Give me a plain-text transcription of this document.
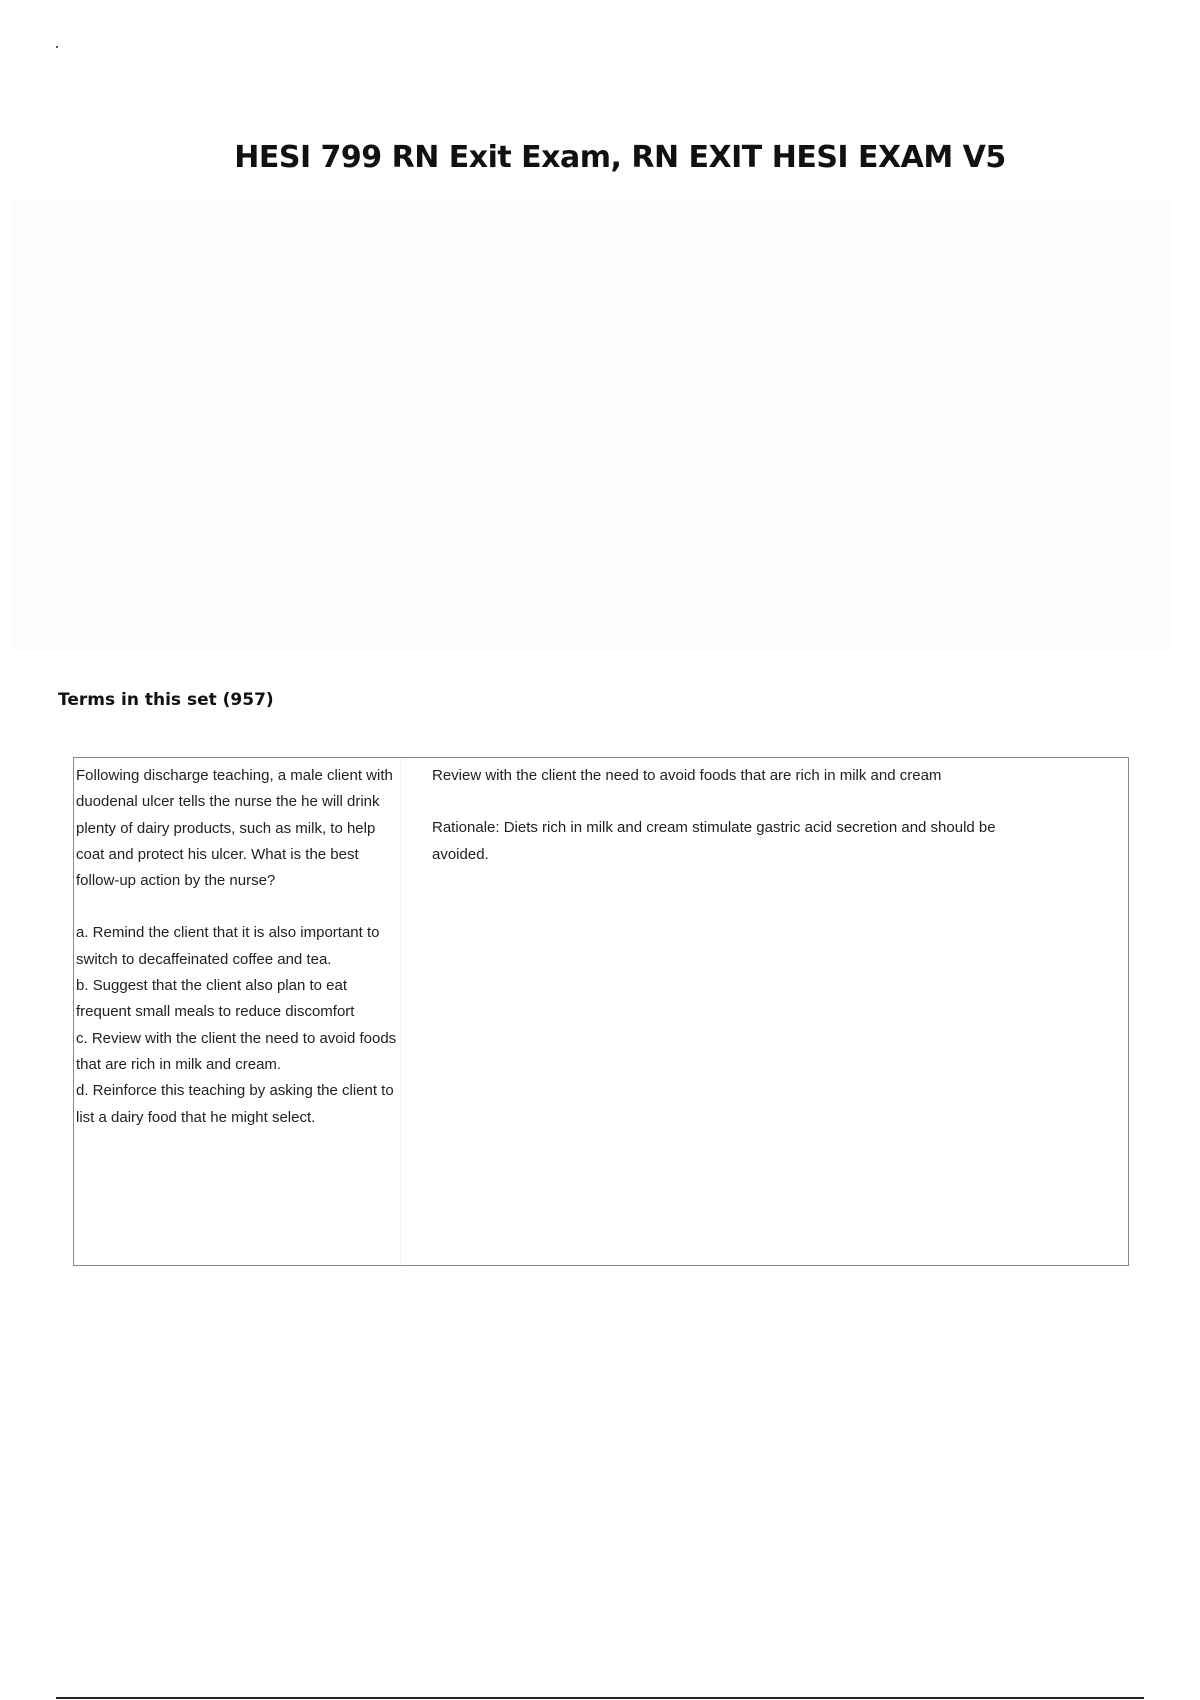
HESI 799 RN Exit Exam, RN EXIT HESI EXAM V5
Terms in this set (957)

Following discharge teaching, a male client with duodenal ulcer tells the nurse the he will drink plenty of dairy products, such as milk, to help coat and protect his ulcer. What is the best follow-up action by the nurse?

a. Remind the client that it is also important to switch to decaffeinated coffee and tea.

b. Suggest that the client also plan to eat frequent small meals to reduce discomfort

c. Review with the client the need to avoid foods that are rich in milk and cream.

d. Reinforce this teaching by asking the client to list a dairy food that he might select.

Review with the client the need to avoid foods that are rich in milk and cream

Rationale: Diets rich in milk and cream stimulate gastric acid secretion and should be avoided.
